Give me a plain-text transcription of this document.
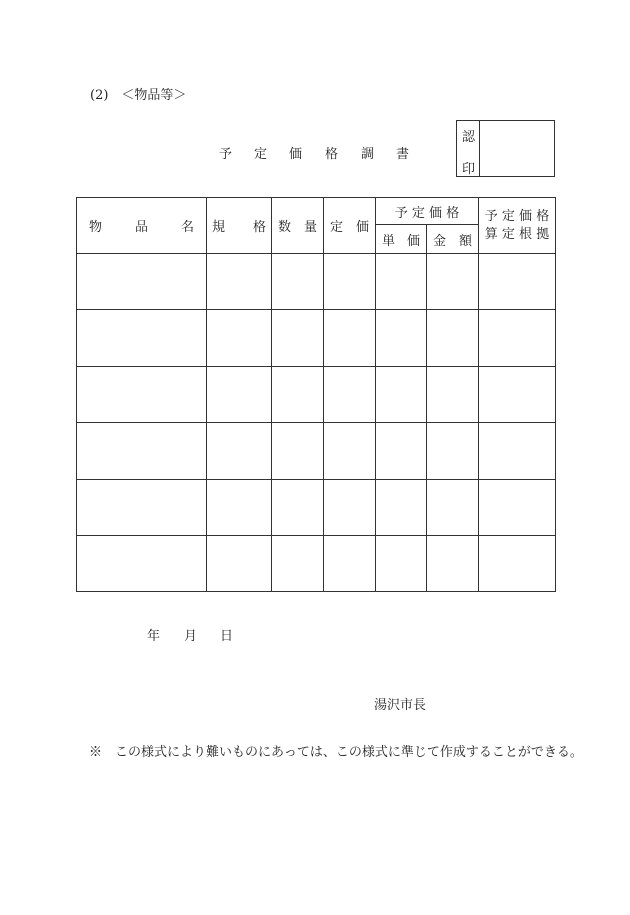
(2)　＜物品等＞
予 定 価 格 調 書
認
印
物	品	名 規 格 数 量 定 価
予 定 価 格
単 価 金 額
予 定 価 格
算 定 根 拠
年 月 日
湯沢市長
※　この様式により難いものにあっては、この様式に準じて作成することができる。
